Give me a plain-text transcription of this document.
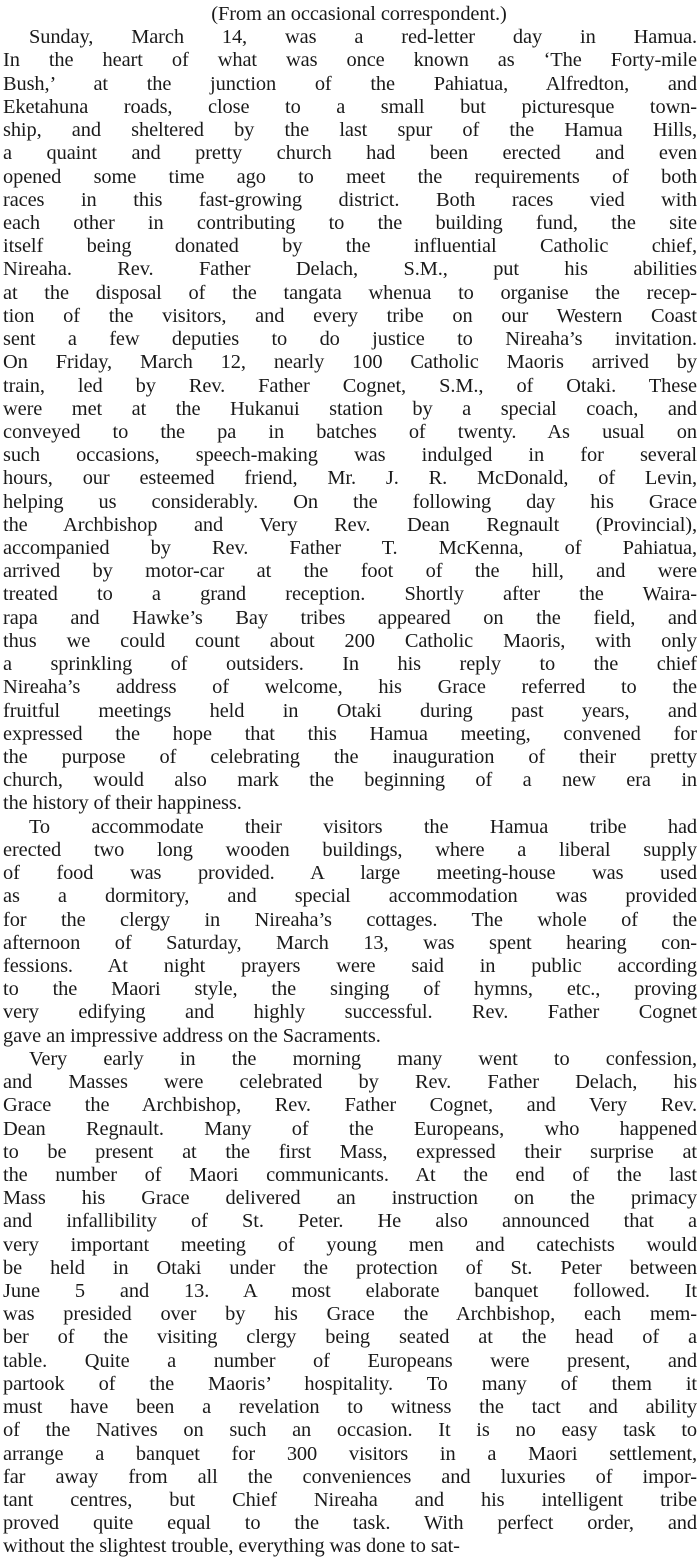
(From an occasional correspondent.)

Sunday, March 14, was a red-letter day in Hamua.
In the heart of what was once known as ‘The Forty-mile
Bush,’ at the junction of the Pahiatua, Alfredton, and
Eketahuna roads, close to a small but picturesque town-
ship, and sheltered by the last spur of the Hamua Hills,
a quaint and pretty church had been erected and even
opened some time ago to meet the requirements of both
races in this fast-growing district. Both races vied with
each other in contributing to the building fund, the site
itself being donated by the influential Catholic chief,
Nireaha. Rev. Father Delach, S.M., put his abilities
at the disposal of the tangata whenua to organise the recep-
tion of the visitors, and every tribe on our Western Coast
sent a few deputies to do justice to Nireaha’s invitation.
On Friday, March 12, nearly 100 Catholic Maoris arrived by
train, led by Rev. Father Cognet, S.M., of Otaki. These
were met at the Hukanui station by a special coach, and
conveyed to the pa in batches of twenty. As usual on
such occasions, speech-making was indulged in for several
hours, our esteemed friend, Mr. J. R. McDonald, of Levin,
helping us considerably. On the following day his Grace
the Archbishop and Very Rev. Dean Regnault (Provincial),
accompanied by Rev. Father T. McKenna, of Pahiatua,
arrived by motor-car at the foot of the hill, and were
treated to a grand reception. Shortly after the Waira-
rapa and Hawke’s Bay tribes appeared on the field, and
thus we could count about 200 Catholic Maoris, with only
a sprinkling of outsiders. In his reply to the chief
Nireaha’s address of welcome, his Grace referred to the
fruitful meetings held in Otaki during past years, and
expressed the hope that this Hamua meeting, convened for
the purpose of celebrating the inauguration of their pretty
church, would also mark the beginning of a new era in
the history of their happiness.
To accommodate their visitors the Hamua tribe had
erected two long wooden buildings, where a liberal supply
of food was provided. A large meeting-house was used
as a dormitory, and special accommodation was provided
for the clergy in Nireaha’s cottages. The whole of the
afternoon of Saturday, March 13, was spent hearing con-
fessions. At night prayers were said in public according
to the Maori style, the singing of hymns, etc., proving
very edifying and highly successful. Rev. Father Cognet
gave an impressive address on the Sacraments.
Very early in the morning many went to confession,
and Masses were celebrated by Rev. Father Delach, his
Grace the Archbishop, Rev. Father Cognet, and Very Rev.
Dean Regnault. Many of the Europeans, who happened
to be present at the first Mass, expressed their surprise at
the number of Maori communicants. At the end of the last
Mass his Grace delivered an instruction on the primacy
and infallibility of St. Peter. He also announced that a
very important meeting of young men and catechists would
be held in Otaki under the protection of St. Peter between
June 5 and 13. A most elaborate banquet followed. It
was presided over by his Grace the Archbishop, each mem-
ber of the visiting clergy being seated at the head of a
table. Quite a number of Europeans were present, and
partook of the Maoris’ hospitality. To many of them it
must have been a revelation to witness the tact and ability
of the Natives on such an occasion. It is no easy task to
arrange a banquet for 300 visitors in a Maori settlement,
far away from all the conveniences and luxuries of impor-
tant centres, but Chief Nireaha and his intelligent tribe
proved quite equal to the task. With perfect order, and
without the slightest trouble, everything was done to sat-
